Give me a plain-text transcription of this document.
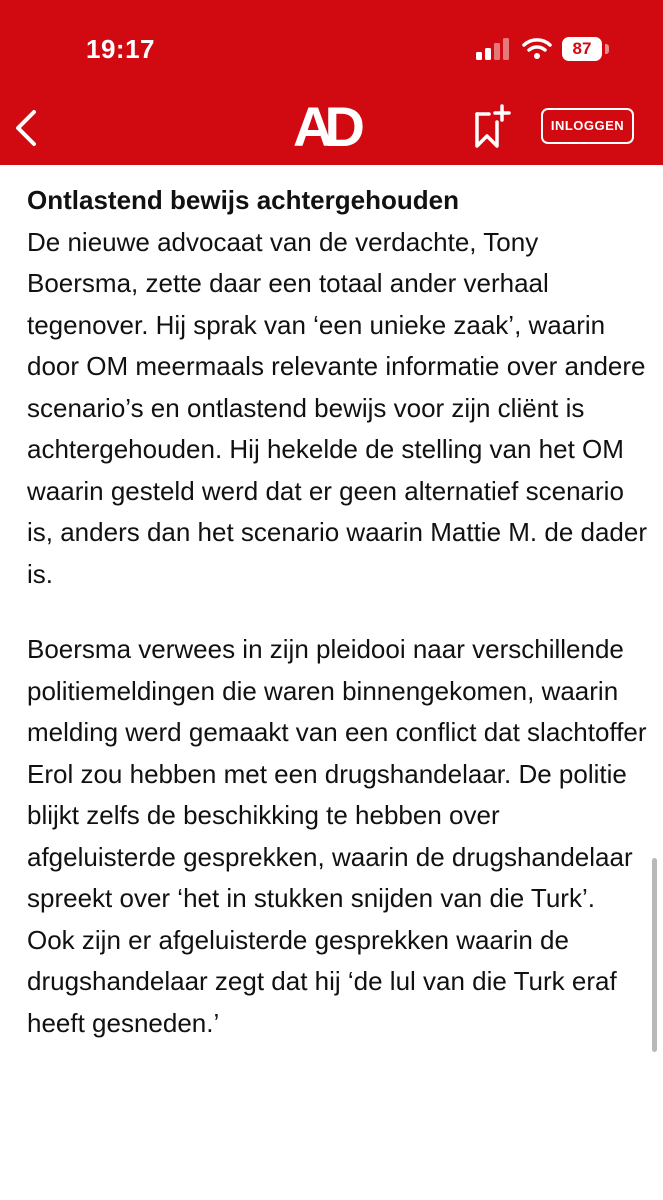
19:17	87
AD	INLOGGEN
Ontlastend bewijs achtergehouden

De nieuwe advocaat van de verdachte, Tony Boersma, zette daar een totaal ander verhaal tegenover. Hij sprak van ‘een unieke zaak’, waarin door OM meermaals relevante informatie over andere scenario’s en ontlastend bewijs voor zijn cliënt is achtergehouden. Hij hekelde de stelling van het OM waarin gesteld werd dat er geen alternatief scenario is, anders dan het scenario waarin Mattie M. de dader is.

Boersma verwees in zijn pleidooi naar verschillende politiemeldingen die waren binnengekomen, waarin melding werd gemaakt van een conflict dat slachtoffer Erol zou hebben met een drugshandelaar. De politie blijkt zelfs de beschikking te hebben over afgeluisterde gesprekken, waarin de drugshandelaar spreekt over ‘het in stukken snijden van die Turk’. Ook zijn er afgeluisterde gesprekken waarin de drugshandelaar zegt dat hij ‘de lul van die Turk eraf heeft gesneden.’
